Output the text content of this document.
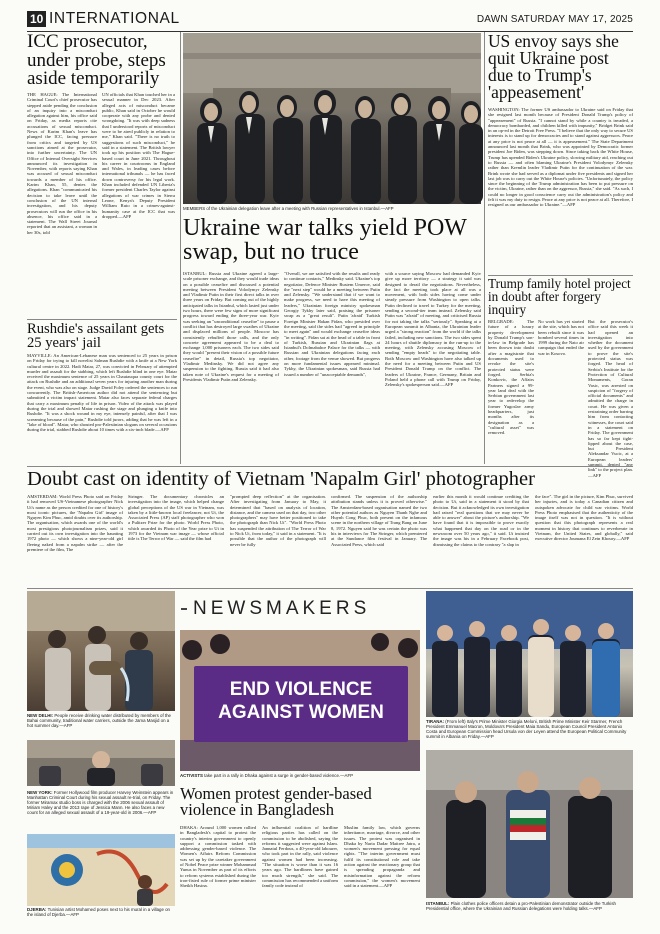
10 INTERNATIONAL	DAWN SATURDAY MAY 17, 2025
ICC prosecutor, under probe, steps aside temporarily
THE HAGUE: The International Criminal Court's chief prosecutor has stepped aside pending the conclusion of an inquiry into a misconduct allegation against him, his office said on Friday, as media reports cite accusations of sexual misconduct. News of Karim Khan's leave has plunged the ICC, facing pressure from critics and targeted by US sanctions aimed at the prosecutor, into further uncertainty. The UN Office of Internal Oversight Services announced its investigation in November, with reports saying Khan was accused of sexual misconduct towards a member of his office. Karim Khan, 55, denies the allegations. Khan "communicated his decision to take leave until the conclusion of the UN internal investigation, and his deputy prosecutors will run the office in his absence, his office said in a statement. The Wall Street Journal reported that an assistant, a woman in her 30s, told
UN officials that Khan touched her in a sexual manner in Dec 2023. After alleged acts of misconduct became public, Khan said in October he would cooperate with any probe and denied wrongdoing. "It was with deep sadness that I understood reports of misconduct were to be aired publicly in relation to me," Khan said. "There is no truth to suggestions of such misconduct," he said in a statement. The British lawyer took up his position with The Hague-based court in June 2021. Throughout his career in courtrooms in England and Wales, in leading cases before international tribunals — he has faced down controversy for his legal work. Khan included defended UN Liberia's former president Charles Taylor against allegations of war crimes in Sierra Leone, Kenya's Deputy President William Ruto in a crimes-against-humanity case at the ICC that was dropped.—AFP
Rushdie's assailant gets 25 years' jail
MAYVILLE: An American-Lebanese man was sentenced to 25 years in prison on Friday for trying to kill novelist Salman Rushdie with a knife at a New York cultural centre in 2022. Hadi Matar, 27, was convicted in February of attempted murder and assault for the stabbing, which left Rushdie blind in one eye. Matar received the maximum sentence of 25 years in Chautauqua county court for the attack on Rushdie and an additional seven years for injuring another man during the event, who was also on stage. Judge David Foley ordered the sentences to run concurrently. The British-American author did not attend the sentencing but submitted a victim impact statement. Matar also faces separate federal charges that carry a maximum penalty of life in prison. Video of the attack was played during the trial and showed Matar rushing the stage and plunging a knife into Rushdie. "It was a shock wound in my eye, intensely painful, after that I was screaming because of the pain," Rushdie told jurors, adding that he was left in a "lake of blood". Matar, who shouted pro-Palestinian slogans on several occasions during the trial, stabbed Rushdie about 10 times with a six-inch blade.—AFP
MEMBERS of the Ukrainian delegation leave after a meeting with Russian representatives in Istanbul.—AFP
Ukraine war talks yield POW swap, but no truce
ISTANBUL: Russia and Ukraine agreed a large-scale prisoner exchange, and they would trade ideas on a possible ceasefire and discussed a potential meeting between President Volodymyr Zelensky and Vladimir Putin in their first direct talks in over three years on Friday. But coming out of the highly anticipated talks in Istanbul, which lasted just under two hours, there were few signs of more significant progress toward ending the three-year war. Kyiv was seeking an "unconditional ceasefire" to pause a conflict that has destroyed large swathes of Ukraine and displaced millions of people. Moscow has consistently rebuffed those calls, and the only concrete agreement appeared to be a deal to exchange 1,000 prisoners each. The two sides said they would "present their vision of a possible future ceasefire" in detail, Russia's top negotiator, Vladimir Medinsky. We did not agree any suspension to the fighting. Russia said it had also taken note of Ukraine's request for a meeting of Presidents Vladimir Putin and Zelensky.
"Overall, we are satisfied with the results and ready to continue contacts," Medinsky said. Ukraine's top negotiator, Defence Minister Rustem Umerov, said the "next step" would be a meeting between Putin and Zelensky. "We understand that if we want to make progress, we need to have this meeting of leaders," Ukrainian foreign ministry spokesman Georgiy Tykhy later said, praising the prisoner swap as a "great result". Putin 'afraid' Turkish Foreign Minister Hakan Fidan, who presided over the meeting, said the sides had "agreed in principle to meet again" and would exchange ceasefire ideas "in writing". Fidan sat at the head of a table in front of Turkish, Russian and Ukrainian flags at Istanbul's Dolmabahce Palace for the talks — with Russian and Ukrainian delegations facing each other, footage from the venue showed. But progress on more fundamental issues appeared minimal. Tykhy, the Ukrainian spokesman, said Russia had issued a number of "unacceptable demands",
with a source saying Moscow had demanded Kyiv give up more territory — a strategy it said was designed to derail the negotiations. Nevertheless, the fact the meeting took place at all was a movement, with both sides having come under steady pressure from Washington to open talks. Putin declined to travel to Turkey for the meeting, sending a second-tier team instead. Zelensky said Putin was "afraid" of meeting, and criticised Russia for not taking the talks "seriously". Speaking at a European summit in Albania, the Ukrainian leader urged a "strong reaction" from the world if the talks failed, including new sanctions. The two sides spent 24 hours of shuttle diplomacy in the run-up to the meeting, with Zelensky accusing Moscow of sending "empty heads" to the negotiating table. Both Moscow and Washington have also talked up the need for a meeting between Putin and US President Donald Trump on the conflict. The leaders of Ukraine, France, Germany, Britain and Poland held a phone call with Trump on Friday, Zelensky's spokesperson said.—AFP
US envoy says she quit Ukraine post due to Trump's 'appeasement'
WASHINGTON: The former US ambassador to Ukraine said on Friday that she resigned last month because of President Donald Trump's policy of "appeasement" of Russia. "I cannot stand by while a country is invaded, a democracy bombarded, and children killed with impunity," Bridget Brink said in an op-ed in the Detroit Free Press. "I believe that the only way to secure US interests is to stand up for democracies and to stand against aggressors. Peace at any price is not peace at all — it is appeasement." The State Department announced last month that Brink, who was appointed by Democratic former president Joe Biden, was stepping down. Since taking back the White House, Trump has upended Biden's Ukraine policy, slowing military aid, reaching out to Russia — and often blaming Ukraine's President Volodymyr Zelensky rather than Kremlin leader Vladimir Putin for the continuation of the war. Brink wrote she had served as a diplomat under five presidents and signed her last job was to carry out the White House's policies. "Unfortunately, the policy since the beginning of the Trump administration has been to put pressure on the victim, Ukraine, rather than on the aggressor, Russia," she said. "As such, I could no longer in good conscience carry out the administration's policy and felt it was my duty to resign. Peace at any price is not peace at all. Therefore, I resigned as our ambassador to Ukraine."—AFP
Trump family hotel project in doubt after forgery inquiry
BELGRADE: The future of a luxury property development by Donald Trump's son-in-law in Belgrade has been thrown into doubt after a magistrate that documents used to revoke the site's protected status were forged. Serbia's Konkovic, the Affairs Partners signed a 99-year land deal with the Serbian government last year to redevelop the former Yugoslav army headquarters, just months after its designation as a "cultural asset" was removed.
No work has yet started at the site, which has not been rebuilt since it was bombed several times in 1999 during the Nato air campaign that ended the war in Kosovo.
But the prosecutor's office said this week it had opened an investigation into whether the document used by the government to prove the site's protected status was forged. The head of Serbia's Institute for the Protection of Cultural Monuments, Goran Vasic, was arrested on suspicion of "forgery of official documents" and admitted the charge in court. He was given a restraining order barring him from contacting witnesses, the court said in a statement on Friday. The government has so far kept tight-lipped about the case, but President Aleksandar Vucic, at a European leaders' summit, denied "any link" to the project plan.—AFP
Doubt cast on identity of Vietnam 'Napalm Girl' photographer
AMSTERDAM: World Press Photo said on Friday it had removed US-Vietnamese photographer Nick Ut's name as the person credited for one of history's most iconic pictures, the 'Napalm Girl' image of Nguyen Kim Phuc, amid doubts over its authorship. The organisation, which awards one of the world's most prestigious photojournalism prizes, said it carried out its own investigation into the haunting 1972 photo — which shows a nine-year-old girl fleeing naked from a napalm strike — after the premiere of the film, The
Stringer. The documentary chronicles an investigation into the image, which helped change global perceptions of the US war in Vietnam, was taken by a little-known local freelancer, not Ut, the Associated Press (AP) staff photographer who won a Pulitzer Prize for the photo. World Press Photo, which awarded its Photo of the Year prize to Ut in 1973 for the Vietnam war image — whose official title is The Terror of War — said the film had
"prompted deep reflection" at the organisation. After investigating from January to May, it determined that "based on analysis of location, distance, and the camera used on that day, two other photographers" may have better positioned to take the photograph than Nick Ut". "World Press Photo has suspended the attribution of The Terror of War to Nick Ut, from today," it said in a statement. "It is possible that the author of the photograph will never be fully
confirmed. The suspension of the authorship attribution stands unless it is proved otherwise." The Amsterdam-based organisation named the two other potential authors as Nguyen Thanh Nghe and Huynh Cong Phuc, both present on the infamous scene in the northern village of Trang Bang on June 8, 1972. Nguyen said he was certain the photo was his in interviews for The Stringer, which premiered at the Sundance film festival in January. The Associated Press, which said
earlier this month it would continue crediting the photo to Ut, said in a statement it stood by that decision. But it acknowledged its own investigation had raised "real questions that we may never be able to answer" about the picture's authorship. "We have found that it is impossible to prove exactly what happened that day on the road or in the newsroom over 50 years ago," it said. Ut insisted the image was his in a February Facebook post, dismissing the claims to the contrary "a slap in
the face". The girl in the picture, Kim Phuc, survived her injuries, and is today a Canadian citizen and outspoken advocate for child war victims. World Press Photo emphasised that the authenticity of the image itself was not in question. "It is without question that this photograph represents a real moment in history that continues to reverberate in Vietnam, the United States, and globally," said executive director Joumana El Zein Khoury.—AFP
NEWSMAKERS
END VIOLENCE
AGAINST WOMEN
NEW DELHI: People receive drinking water distributed by members of the Bahai community, traditional water carriers, outside the Jama Masjid on a hot summer day.—AFP
TIRANA: (From left) Italy's Prime Minister Giorgia Meloni, British Prime Minister Keir Starmer, French President Emmanuel Macron, Moldova's President Maia Sandu, European Council President Antonio Costa and European Commission head Ursula von der Leyen attend the European Political Community summit in Albania on Friday.—AFP
ACTIVISTS take part in a rally in Dhaka against a surge in gender-based violence.—AFP
NEW YORK: Former Hollywood film producer Harvey Weinstein appears in Manhattan Criminal Court during his sexual assault re-trial, on Friday. The former Miramax studio boss is charged with the 2006 sexual assault of Miriam Haley and the 2013 rape of Jessica Mann. He also faces a new count for an alleged sexual assault of a 19-year-old in 2006.—AFP
DJERBA: Tunisian artist Mohamed poses next to his mural in a village on the island of Djerba.—AFP
Women protest gender-based violence in Bangladesh
DHAKA: Around 1,000 women rallied in Bangladesh's capital to protest the country's interim government to openly support a commission tasked with addressing gender-based violence. The Women's Affairs Reform Commission was set up by the caretaker government of Nobel Peace prize winner Mohammad Yunus in November as part of its efforts to reform systems established during the iron-fisted rule of former prime minister Sheikh Hasina.
An influential coalition of hardline religious parties has called on the commission to be abolished, saying the reforms it suggested were against Islam. Jannatul Ferdous, a 40-year-old labourer, who took part in the rally, said violence against women had been increasing. "The situation is worse than it was 16 years ago. The hardliners have gained too much strength," she said. The commission has recommended a uniform family code instead of
Muslim family law, which governs inheritance, marriage, divorce, and other issues. The protest was organised in Dhaka by Naria Dadar Maitree Jatra, a women's movement pressing for equal rights. "The interim government must fulfil its constitutional role and take action against the reactionary group that is spreading propaganda and misinformation against the reform commission," the women's movement said in a statement.—AFP
ISTANBUL: Plain clothes police officers detain a pro-Palestinian demonstrator outside the Turkish Presidential office, where the Ukrainian and Russian delegations were holding talks.—AFP
